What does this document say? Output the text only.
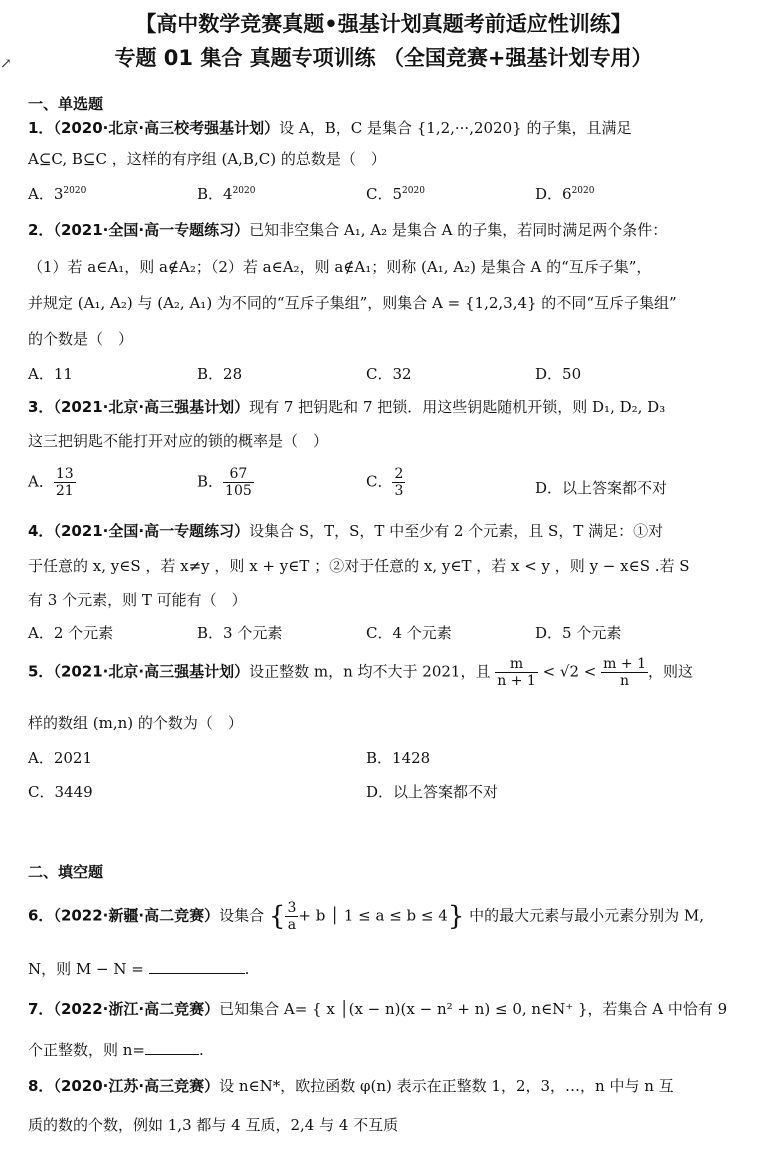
↗
【高中数学竞赛真题•强基计划真题考前适应性训练】
专题 01 集合 真题专项训练 （全国竞赛+强基计划专用）
一、单选题
1．（2020·北京·高三校考强基计划）设 A，B，C 是集合 {1,2,···,2020} 的子集，且满足
A⊆C, B⊆C ，这样的有序组 (A,B,C) 的总数是（　）
A．$3^{2020}$	B．$4^{2020}$	C．$5^{2020}$	D．$6^{2020}$
2．（2021·全国·高一专题练习）已知非空集合 A₁, A₂ 是集合 A 的子集，若同时满足两个条件：
（1）若 a∈A₁，则 a∉A₂；（2）若 a∈A₂，则 a∉A₁；则称 (A₁, A₂) 是集合 A 的“互斥子集”，
并规定 (A₁, A₂) 与 (A₂, A₁) 为不同的“互斥子集组”，则集合 A = {1,2,3,4} 的不同“互斥子集组”
的个数是（　）
A．11	B．28	C．32	D．50
3．（2021·北京·高三强基计划）现有 7 把钥匙和 7 把锁．用这些钥匙随机开锁，则 D₁, D₂, D₃
这三把钥匙不能打开对应的锁的概率是（　）
A． $\frac{13}{21}$	B． $\frac{67}{105}$	C． $\frac{2}{3}$	D．以上答案都不对
4．（2021·全国·高一专题练习）设集合 S，T，S，T 中至少有 2 个元素，且 S，T 满足：①对
于任意的 x, y∈S ，若 x≠y ，则 x + y∈T ；②对于任意的 x, y∈T ，若 x < y ，则 y − x∈S .若 S
有 3 个元素，则 T 可能有（　）
A．2 个元素	B．3 个元素	C．4 个元素	D．5 个元素
5．（2021·北京·高三强基计划）设正整数 m，n 均不大于 2021，且 $\frac{m}{n + 1} < √2 < \frac{m + 1}{n}$ ，则这
样的数组 (m,n) 的个数为（　）
A．2021	B．1428
C．3449	D．以上答案都不对
二、填空题
6．（2022·新疆·高二竞赛）设集合 { $\frac{3}{a} + b$ │ 1 ≤ a ≤ b ≤ 4} 中的最大元素与最小元素分别为 M,
N，则 M − N =	.
7．（2022·浙江·高二竞赛）已知集合 A= { x │(x − n)(x − n² + n) ≤ 0, n∈N⁺ }，若集合 A 中恰有 9
个正整数，则 n=	.
8．（2020·江苏·高三竞赛）设 n∈N*，欧拉函数 φ(n) 表示在正整数 1，2，3，…，n 中与 n 互
质的数的个数，例如 1,3 都与 4 互质，2,4 与 4 不互质
